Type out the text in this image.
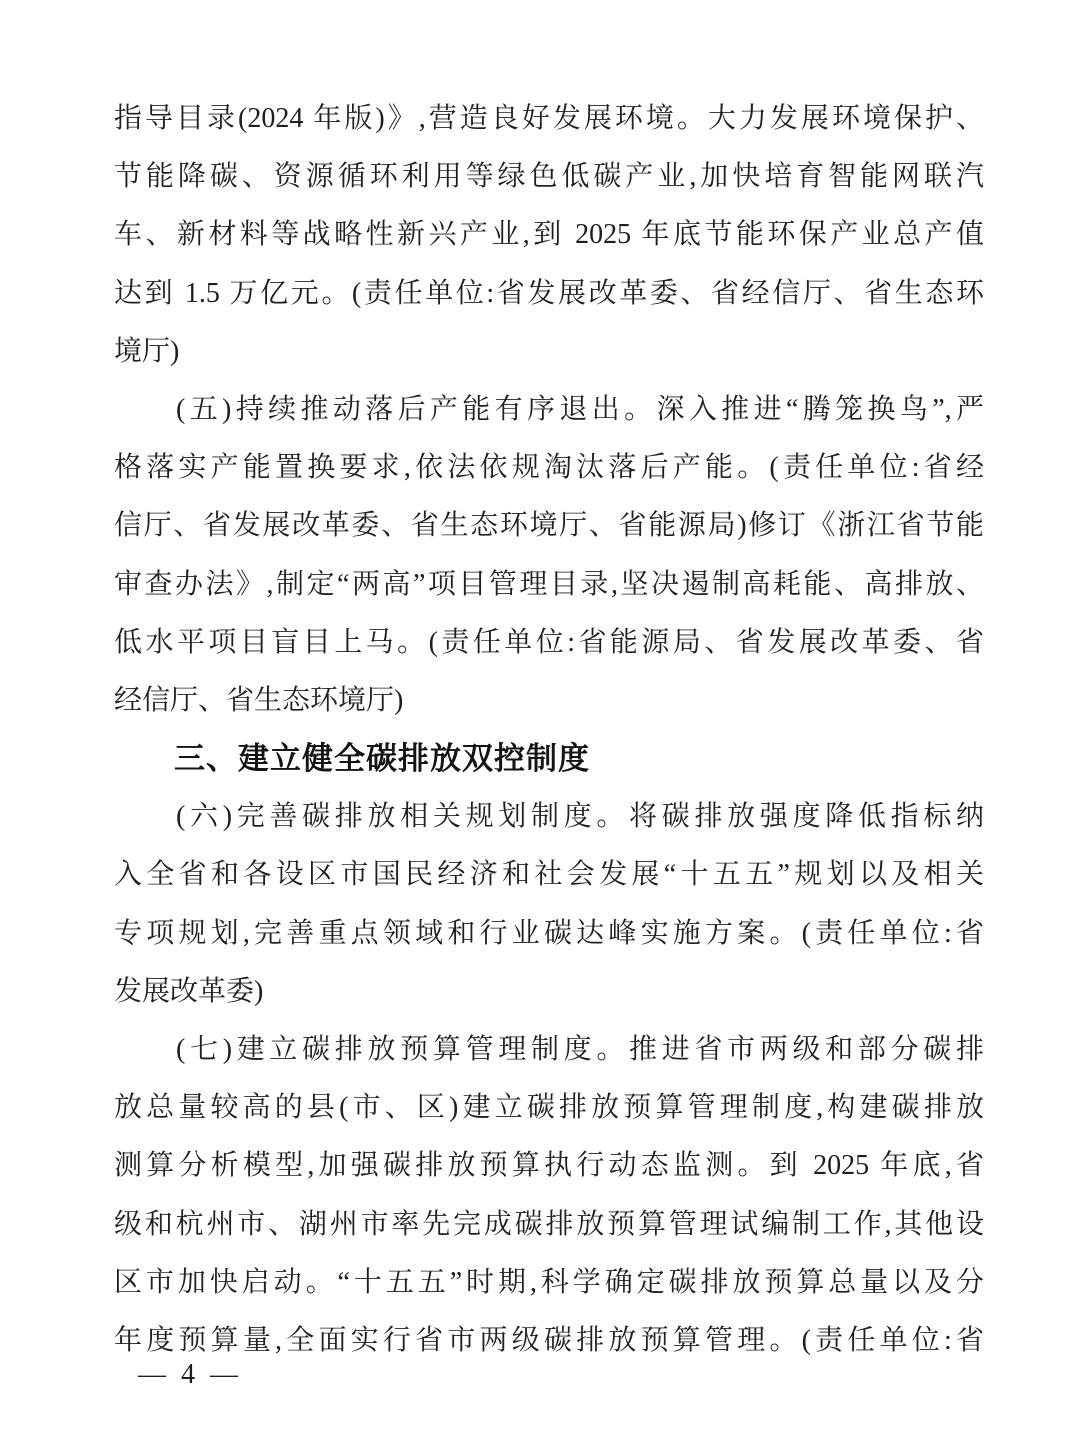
指导目录(2024 年版)》,营造良好发展环境。大力发展环境保护、
节能降碳、资源循环利用等绿色低碳产业,加快培育智能网联汽
车、新材料等战略性新兴产业,到 2025 年底节能环保产业总产值
达到 1.5 万亿元。(责任单位:省发展改革委、省经信厅、省生态环
境厅)
(五)持续推动落后产能有序退出。深入推进“腾笼换鸟”,严
格落实产能置换要求,依法依规淘汰落后产能。(责任单位:省经
信厅、省发展改革委、省生态环境厅、省能源局)修订《浙江省节能
审查办法》,制定“两高”项目管理目录,坚决遏制高耗能、高排放、
低水平项目盲目上马。(责任单位:省能源局、省发展改革委、省
经信厅、省生态环境厅)
三、建立健全碳排放双控制度
(六)完善碳排放相关规划制度。将碳排放强度降低指标纳
入全省和各设区市国民经济和社会发展“十五五”规划以及相关
专项规划,完善重点领域和行业碳达峰实施方案。(责任单位:省
发展改革委)
(七)建立碳排放预算管理制度。推进省市两级和部分碳排
放总量较高的县(市、区)建立碳排放预算管理制度,构建碳排放
测算分析模型,加强碳排放预算执行动态监测。到 2025 年底,省
级和杭州市、湖州市率先完成碳排放预算管理试编制工作,其他设
区市加快启动。“十五五”时期,科学确定碳排放预算总量以及分
年度预算量,全面实行省市两级碳排放预算管理。(责任单位:省
— 4 —
